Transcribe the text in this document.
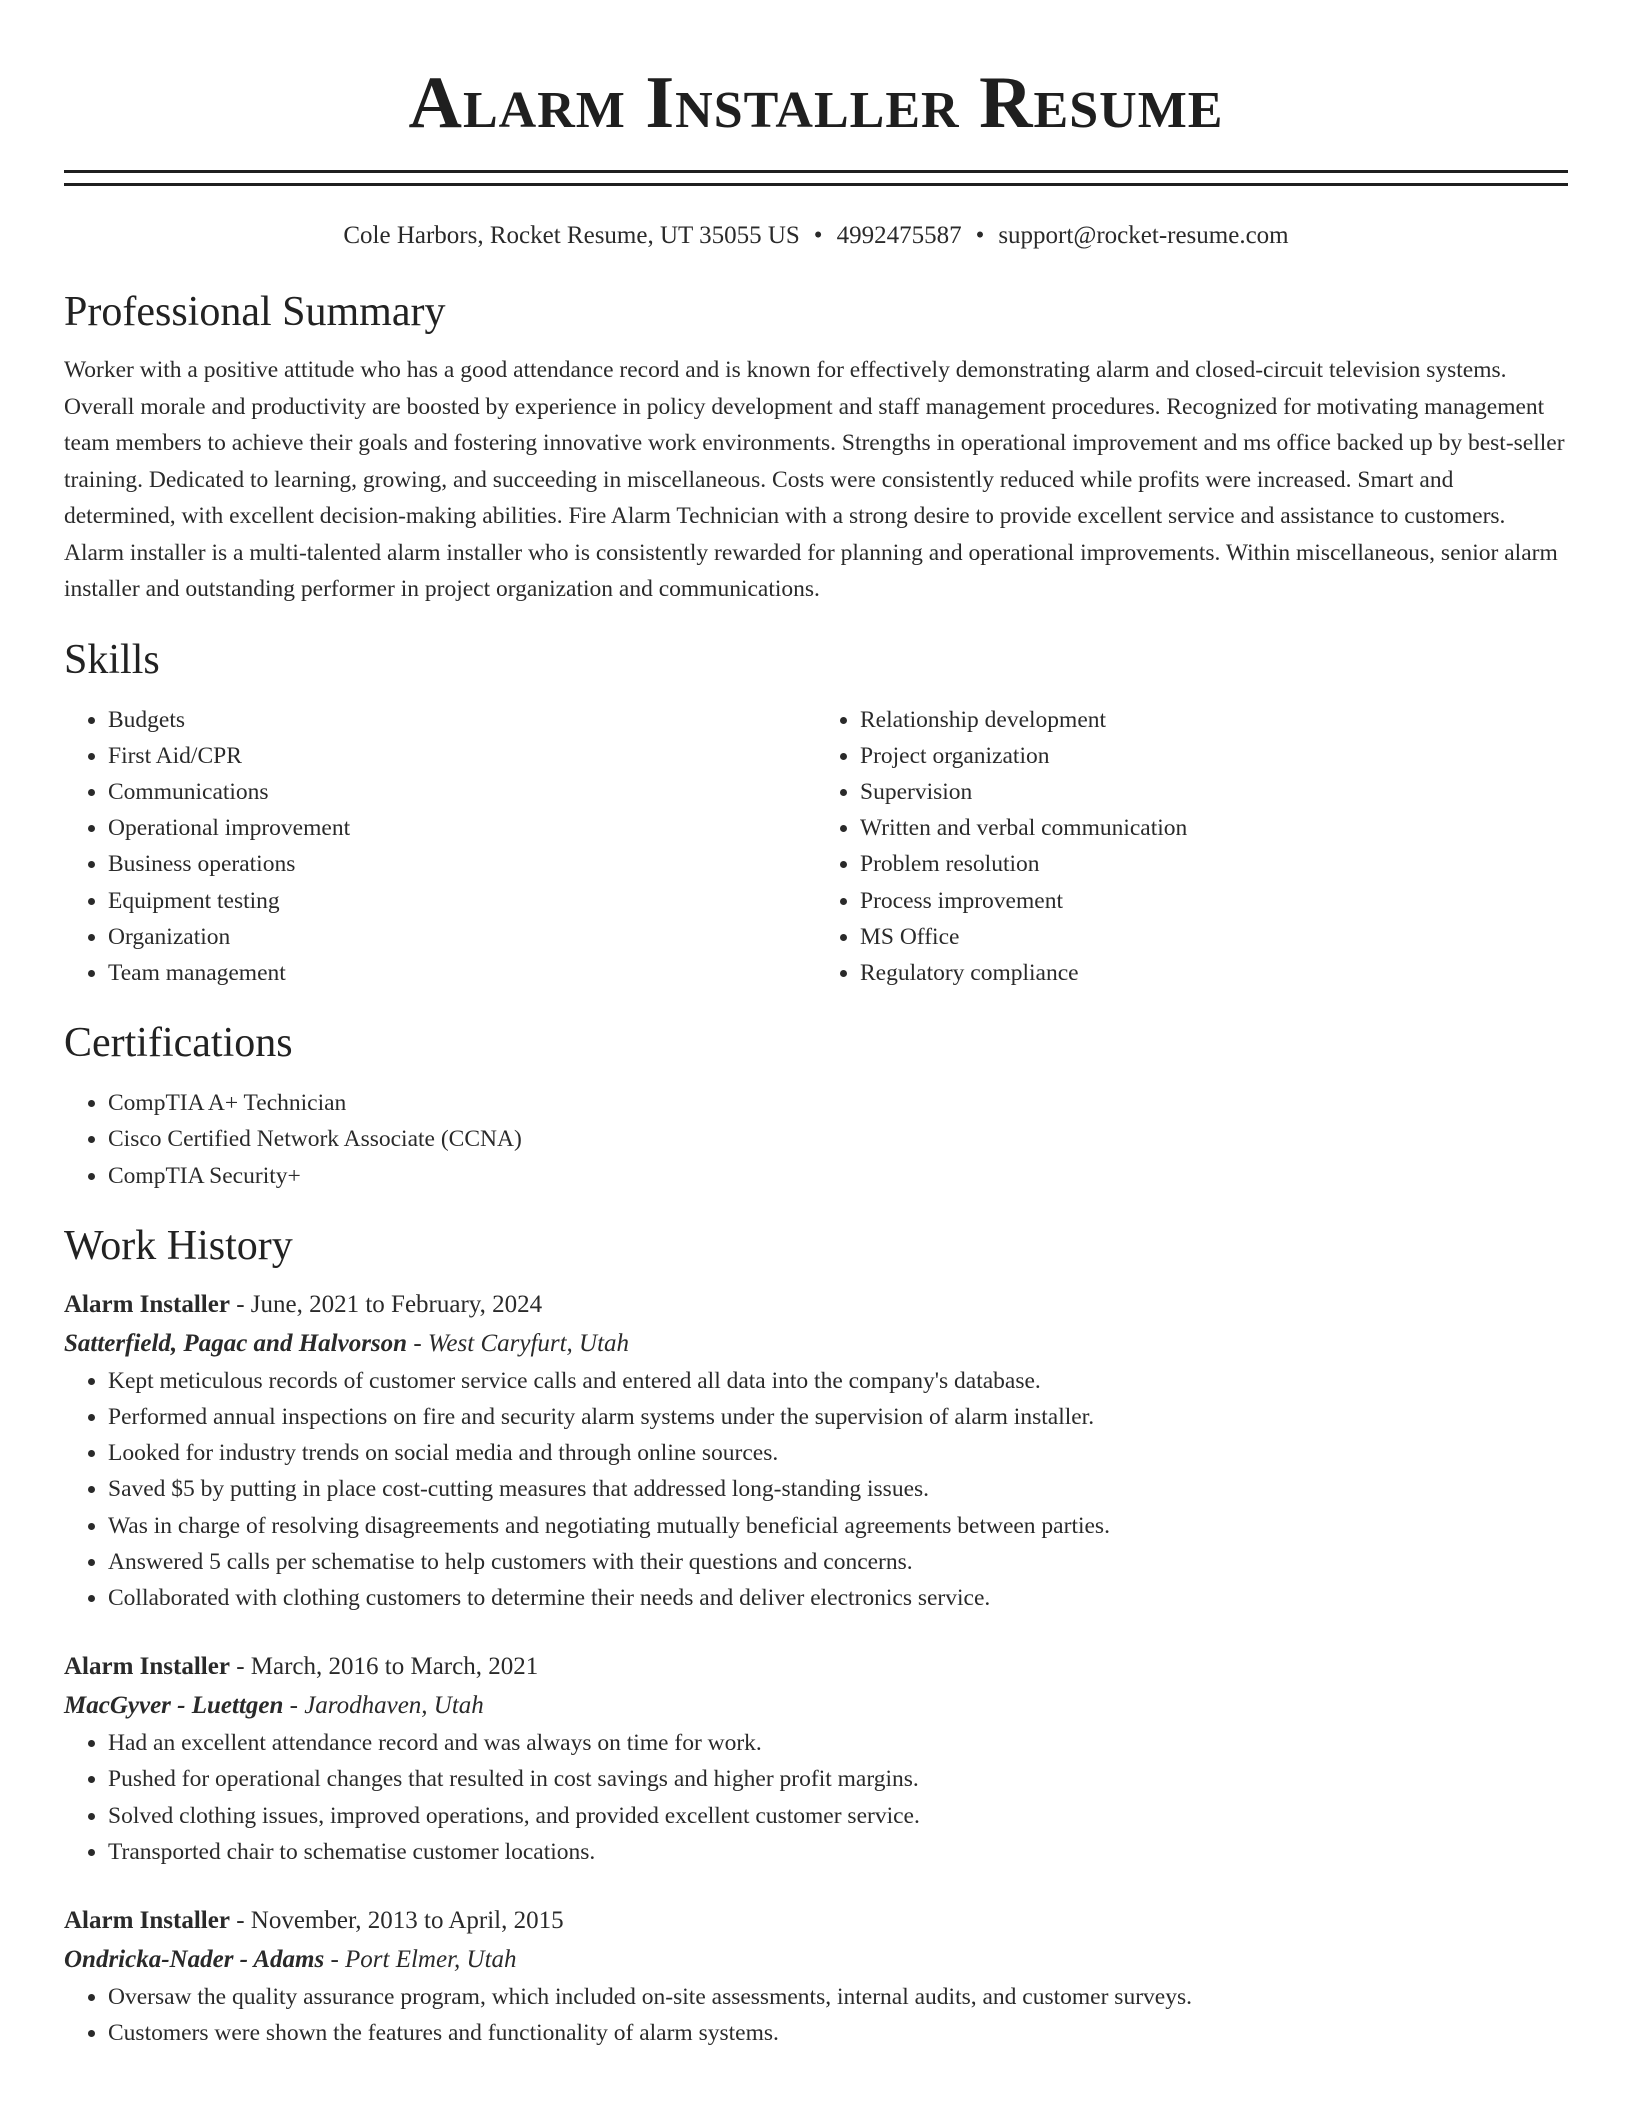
Alarm Installer Resume
Cole Harbors, Rocket Resume, UT 35055 US • 4992475587 • support@rocket-resume.com
Professional Summary

Worker with a positive attitude who has a good attendance record and is known for effectively demonstrating alarm and closed-circuit television systems. Overall morale and productivity are boosted by experience in policy development and staff management procedures. Recognized for motivating management team members to achieve their goals and fostering innovative work environments. Strengths in operational improvement and ms office backed up by best-seller training. Dedicated to learning, growing, and succeeding in miscellaneous. Costs were consistently reduced while profits were increased. Smart and determined, with excellent decision-making abilities. Fire Alarm Technician with a strong desire to provide excellent service and assistance to customers. Alarm installer is a multi-talented alarm installer who is consistently rewarded for planning and operational improvements. Within miscellaneous, senior alarm installer and outstanding performer in project organization and communications.

Skills
• Budgets
• First Aid/CPR
• Communications
• Operational improvement
• Business operations
• Equipment testing
• Organization
• Team management
• Relationship development
• Project organization
• Supervision
• Written and verbal communication
• Problem resolution
• Process improvement
• MS Office
• Regulatory compliance
Certifications
• CompTIA A+ Technician
• Cisco Certified Network Associate (CCNA)
• CompTIA Security+
Work History
Alarm Installer - June, 2021 to February, 2024
Satterfield, Pagac and Halvorson - West Caryfurt, Utah
• Kept meticulous records of customer service calls and entered all data into the company's database.
• Performed annual inspections on fire and security alarm systems under the supervision of alarm installer.
• Looked for industry trends on social media and through online sources.
• Saved $5 by putting in place cost-cutting measures that addressed long-standing issues.
• Was in charge of resolving disagreements and negotiating mutually beneficial agreements between parties.
• Answered 5 calls per schematise to help customers with their questions and concerns.
• Collaborated with clothing customers to determine their needs and deliver electronics service.
Alarm Installer - March, 2016 to March, 2021
MacGyver - Luettgen - Jarodhaven, Utah
• Had an excellent attendance record and was always on time for work.
• Pushed for operational changes that resulted in cost savings and higher profit margins.
• Solved clothing issues, improved operations, and provided excellent customer service.
• Transported chair to schematise customer locations.
Alarm Installer - November, 2013 to April, 2015
Ondricka-Nader - Adams - Port Elmer, Utah
• Oversaw the quality assurance program, which included on-site assessments, internal audits, and customer surveys.
• Customers were shown the features and functionality of alarm systems.
